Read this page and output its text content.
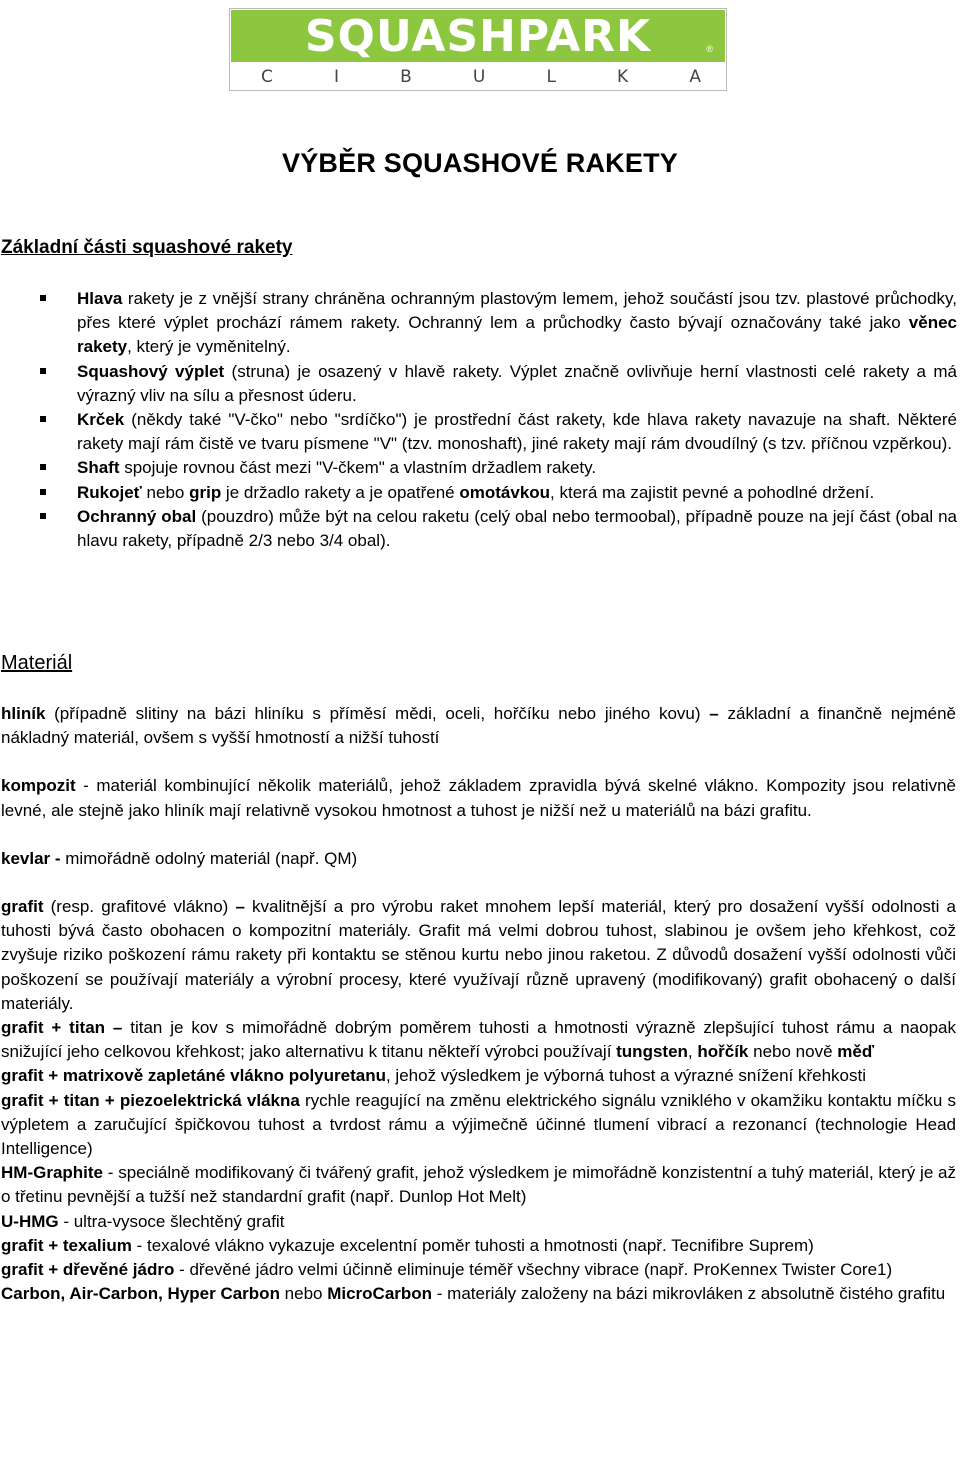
SQUASHPARK	®
C	I	B	U	L	K	A
VÝBĚR SQUASHOVÉ RAKETY
Základní části squashové rakety
Hlava rakety je z vnější strany chráněna ochranným plastovým lemem, jehož součástí jsou tzv. plastové průchodky, přes které výplet prochází rámem rakety. Ochranný lem a průchodky často bývají označovány také jako věnec rakety, který je vyměnitelný.
Squashový výplet (struna) je osazený v hlavě rakety. Výplet značně ovlivňuje herní vlastnosti celé rakety a má výrazný vliv na sílu a přesnost úderu.
Krček (někdy také "V-čko" nebo "srdíčko") je prostřední část rakety, kde hlava rakety navazuje na shaft. Některé rakety mají rám čistě ve tvaru písmene "V" (tzv. monoshaft), jiné rakety mají rám dvoudílný (s tzv. příčnou vzpěrkou).
Shaft spojuje rovnou část mezi "V-čkem" a vlastním držadlem rakety.
Rukojeť nebo grip je držadlo rakety a je opatřené omotávkou, která ma zajistit pevné a pohodlné držení.
Ochranný obal (pouzdro) může být na celou raketu (celý obal nebo termoobal), případně pouze na její část (obal na hlavu rakety, případně 2/3 nebo 3/4 obal).
Materiál

hliník (případně slitiny na bázi hliníku s příměsí mědi, oceli, hořčíku nebo jiného kovu) – základní a finančně nejméně nákladný materiál, ovšem s vyšší hmotností a nižší tuhostí

kompozit - materiál kombinující několik materiálů, jehož základem zpravidla bývá skelné vlákno. Kompozity jsou relativně levné, ale stejně jako hliník mají relativně vysokou hmotnost a tuhost je nižší než u materiálů na bázi grafitu.

kevlar - mimořádně odolný materiál (např. QM)

grafit (resp. grafitové vlákno) – kvalitnější a pro výrobu raket mnohem lepší materiál, který pro dosažení vyšší odolnosti a tuhosti bývá často obohacen o kompozitní materiály. Grafit má velmi dobrou tuhost, slabinou je ovšem jeho křehkost, což zvyšuje riziko poškození rámu rakety při kontaktu se stěnou kurtu nebo jinou raketou. Z důvodů dosažení vyšší odolnosti vůči poškození se používají materiály a výrobní procesy, které využívají různě upravený (modifikovaný) grafit obohacený o další materiály.

grafit + titan – titan je kov s mimořádně dobrým poměrem tuhosti a hmotnosti výrazně zlepšující tuhost rámu a naopak snižující jeho celkovou křehkost; jako alternativu k titanu někteří výrobci používají tungsten, hořčík nebo nově měď

grafit + matrixově zapletáné vlákno polyuretanu, jehož výsledkem je výborná tuhost a výrazné snížení křehkosti

grafit + titan + piezoelektrická vlákna rychle reagující na změnu elektrického signálu vzniklého v okamžiku kontaktu míčku s výpletem a zaručující špičkovou tuhost a tvrdost rámu a výjimečně účinné tlumení vibrací a rezonancí (technologie Head Intelligence)

HM-Graphite - speciálně modifikovaný či tvářený grafit, jehož výsledkem je mimořádně konzistentní a tuhý materiál, který je až o třetinu pevnější a tužší než standardní grafit (např. Dunlop Hot Melt)

U-HMG - ultra-vysoce šlechtěný grafit

grafit + texalium - texalové vlákno vykazuje excelentní poměr tuhosti a hmotnosti (např. Tecnifibre Suprem)

grafit + dřevěné jádro - dřevěné jádro velmi účinně eliminuje téměř všechny vibrace (např. ProKennex Twister Core1)

Carbon, Air-Carbon, Hyper Carbon nebo MicroCarbon - materiály založeny na bázi mikrovláken z absolutně čistého grafitu
